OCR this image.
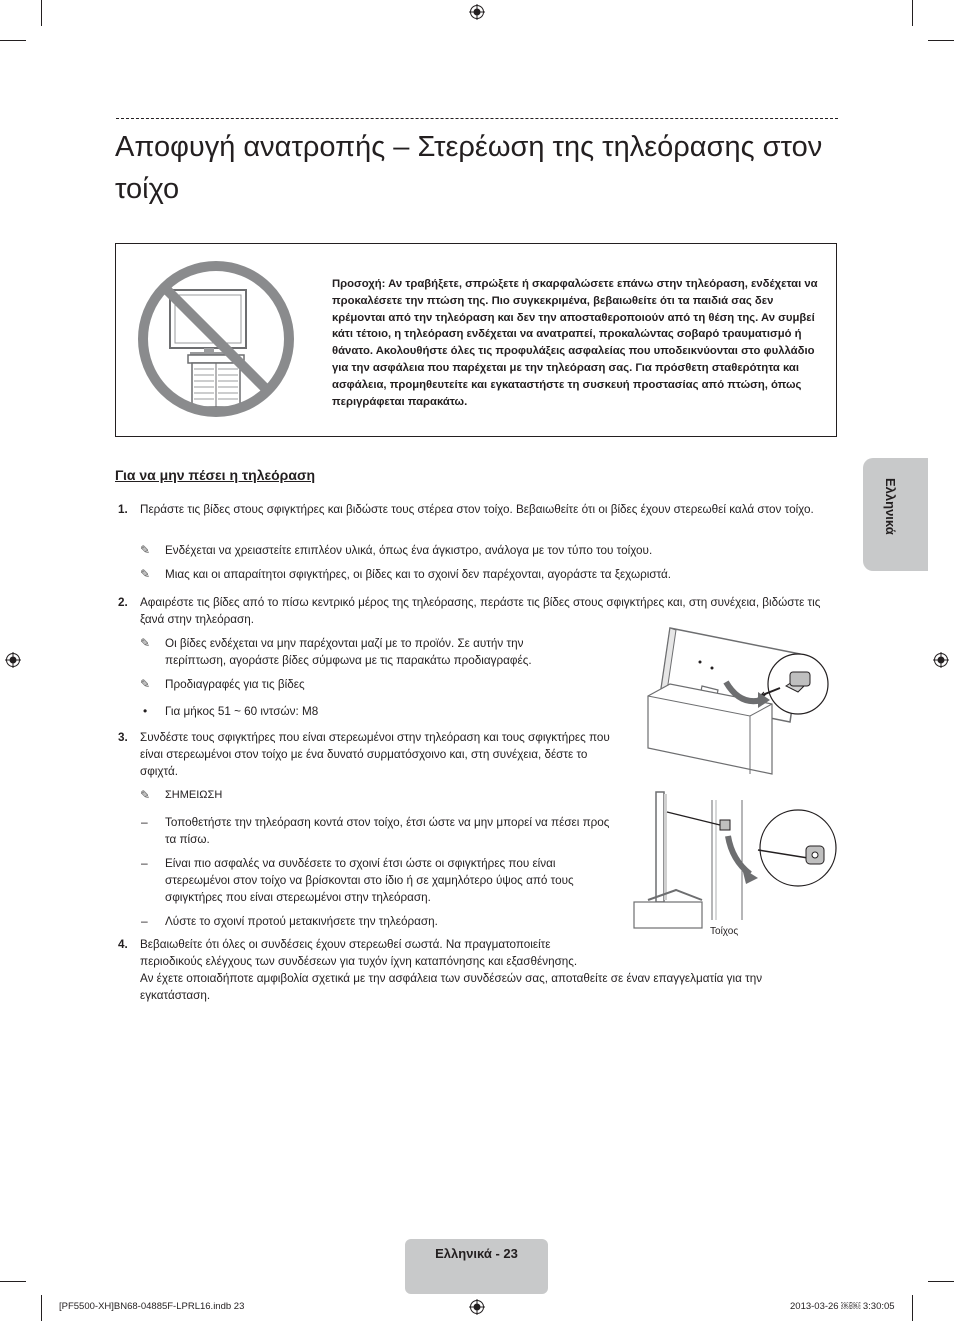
Αποφυγή ανατροπής – Στερέωση της τηλεόρασης στον τοίχο

Προσοχή: Αν τραβήξετε, σπρώξετε ή σκαρφαλώσετε επάνω στην τηλεόραση, ενδέχεται να προκαλέσετε την πτώση της. Πιο συγκεκριμένα, βεβαιωθείτε ότι τα παιδιά σας δεν κρέμονται από την τηλεόραση και δεν την αποσταθεροποιούν από τη θέση της. Αν συμβεί κάτι τέτοιο, η τηλεόραση ενδέχεται να ανατραπεί, προκαλώντας σοβαρό τραυματισμό ή θάνατο. Ακολουθήστε όλες τις προφυλάξεις ασφαλείας που υποδεικνύονται στο φυλλάδιο για την ασφάλεια που παρέχεται με την τηλεόραση σας. Για πρόσθετη σταθερότητα και ασφάλεια, προμηθευτείτε και εγκαταστήστε τη συσκευή προστασίας από πτώση, όπως περιγράφεται παρακάτω.

Για να μην πέσει η τηλεόραση
1. Περάστε τις βίδες στους σφιγκτήρες και βιδώστε τους στέρεα στον τοίχο. Βεβαιωθείτε ότι οι βίδες έχουν στερεωθεί καλά στον τοίχο.

✎ Ενδέχεται να χρειαστείτε επιπλέον υλικά, όπως ένα άγκιστρο, ανάλογα με τον τύπο του τοίχου.

✎ Μιας και οι απαραίτητοι σφιγκτήρες, οι βίδες και το σχοινί δεν παρέχονται, αγοράστε τα ξεχωριστά.

2. Αφαιρέστε τις βίδες από το πίσω κεντρικό μέρος της τηλεόρασης, περάστε τις βίδες στους σφιγκτήρες και, στη συνέχεια, βιδώστε τις ξανά στην τηλεόραση.

✎ Οι βίδες ενδέχεται να μην παρέχονται μαζί με το προϊόν. Σε αυτήν την περίπτωση, αγοράστε βίδες σύμφωνα με τις παρακάτω προδιαγραφές.

✎ Προδιαγραφές για τις βίδες

• Για μήκος 51 ~ 60 ιντσών: M8

3. Συνδέστε τους σφιγκτήρες που είναι στερεωμένοι στην τηλεόραση και τους σφιγκτήρες που είναι στερεωμένοι στον τοίχο με ένα δυνατό συρματόσχοινο και, στη συνέχεια, δέστε το σφιχτά.

✎ ΣΗΜΕΙΩΣΗ

– Τοποθετήστε την τηλεόραση κοντά στον τοίχο, έτσι ώστε να μην μπορεί να πέσει προς τα πίσω.

– Είναι πιο ασφαλές να συνδέσετε το σχοινί έτσι ώστε οι σφιγκτήρες που είναι στερεωμένοι στον τοίχο να βρίσκονται στο ίδιο ή σε χαμηλότερο ύψος από τους σφιγκτήρες που είναι στερεωμένοι στην τηλεόραση.

– Λύστε το σχοινί προτού μετακινήσετε την τηλεόραση.

4. Βεβαιωθείτε ότι όλες οι συνδέσεις έχουν στερεωθεί σωστά. Να πραγματοποιείτε περιοδικούς ελέγχους των συνδέσεων για τυχόν ίχνη καταπόνησης και εξασθένησης.

Αν έχετε οποιαδήποτε αμφιβολία σχετικά με την ασφάλεια των συνδέσεών σας, αποταθείτε σε έναν επαγγελματία για την εγκατάσταση.

Τοίχος
Ελληνικά
Ελληνικά - 23
[PF5500-XH]BN68-04885F-LPRL16.indb 23	2013-03-26 ￼￼ 3:30:05
